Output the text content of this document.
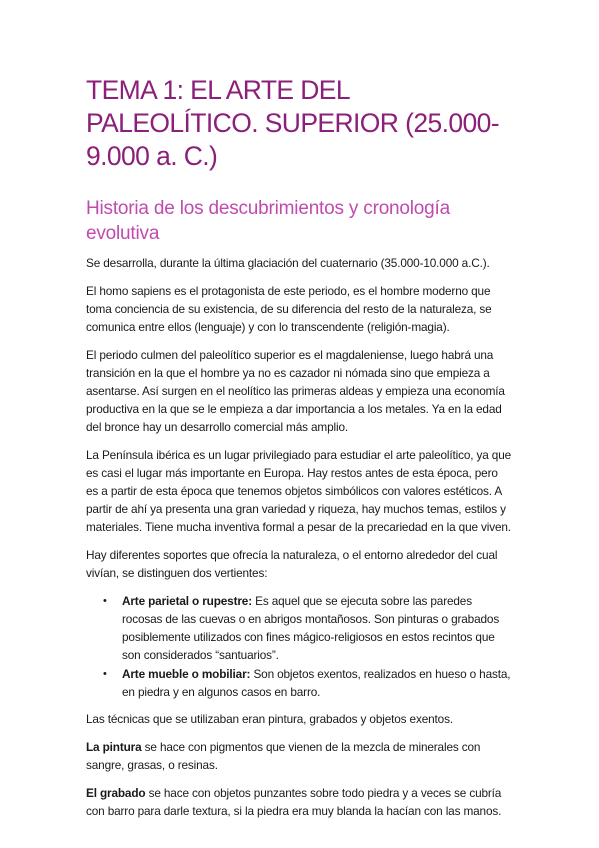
TEMA 1: EL ARTE DEL PALEOLÍTICO. SUPERIOR (25.000-9.000 a. C.)
Historia de los descubrimientos y cronología evolutiva

Se desarrolla, durante la última glaciación del cuaternario (35.000-10.000 a.C.).

El homo sapiens es el protagonista de este periodo, es el hombre moderno que toma conciencia de su existencia, de su diferencia del resto de la naturaleza, se comunica entre ellos (lenguaje) y con lo transcendente (religión-magia).

El periodo culmen del paleolítico superior es el magdaleniense, luego habrá una transición en la que el hombre ya no es cazador ni nómada sino que empieza a asentarse. Así surgen en el neolítico las primeras aldeas y empieza una economía productiva en la que se le empieza a dar importancia a los metales. Ya en la edad del bronce hay un desarrollo comercial más amplio.

La Península ibérica es un lugar privilegiado para estudiar el arte paleolítico, ya que es casi el lugar más importante en Europa. Hay restos antes de esta época, pero es a partir de esta época que tenemos objetos simbólicos con valores estéticos. A partir de ahí ya presenta una gran variedad y riqueza, hay muchos temas, estilos y materiales. Tiene mucha inventiva formal a pesar de la precariedad en la que viven.

Hay diferentes soportes que ofrecía la naturaleza, o el entorno alrededor del cual vivían, se distinguen dos vertientes:

• Arte parietal o rupestre: Es aquel que se ejecuta sobre las paredes rocosas de las cuevas o en abrigos montañosos. Son pinturas o grabados posiblemente utilizados con fines mágico-religiosos en estos recintos que son considerados “santuarios”.
• Arte mueble o mobiliar: Son objetos exentos, realizados en hueso o hasta, en piedra y en algunos casos en barro.

Las técnicas que se utilizaban eran pintura, grabados y objetos exentos.

La pintura se hace con pigmentos que vienen de la mezcla de minerales con sangre, grasas, o resinas.

El grabado se hace con objetos punzantes sobre todo piedra y a veces se cubría con barro para darle textura, si la piedra era muy blanda la hacían con las manos.
